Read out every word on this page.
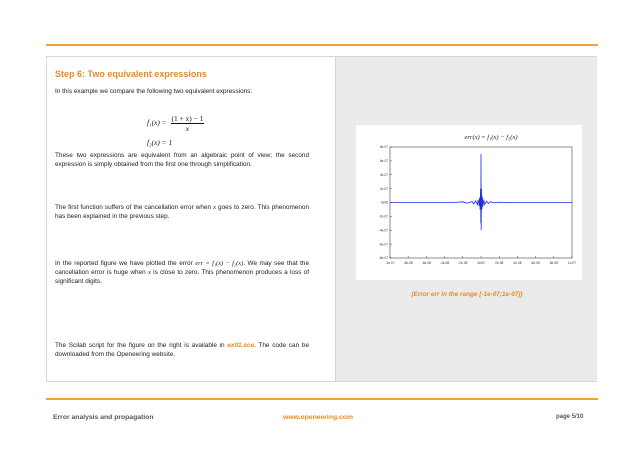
Step 6: Two equivalent expressions
In this example we compare the following two equivalent expressions:
$f_1(x) = \frac{(1 + x) - 1}{x}$
f₂(x) = 1
These two expressions are equivalent from an algebraic point of view; the second expression is simply obtained from the first one through simplification.
The first function suffers of the cancellation error when x goes to zero. This phenomenon has been explained in the previous step.
In the reported figure we have plotted the error err = f₁(x) − f₂(x). We may see that the cancellation error is huge when x is close to zero. This phenomenon produces a loss of significant digits.
The Scilab script for the figure on the right is available in ex01.sce. The code can be downloaded from the Openeering website.
err(x) = f₁(x) − f₂(x)
-1e-07	-8e-08	-6e-08	-4e-08	-2e-08	0e00	2e-08	4e-08	6e-08	8e-08	1e-07
8e-07
6e-07
4e-07
2e-07
0e00
-2e-07
-4e-07
-6e-07
-8e-07
(Error err in the range [-1e-07;1e-07])
Error analysis and propagation	www.openeering.com	page 5/10
